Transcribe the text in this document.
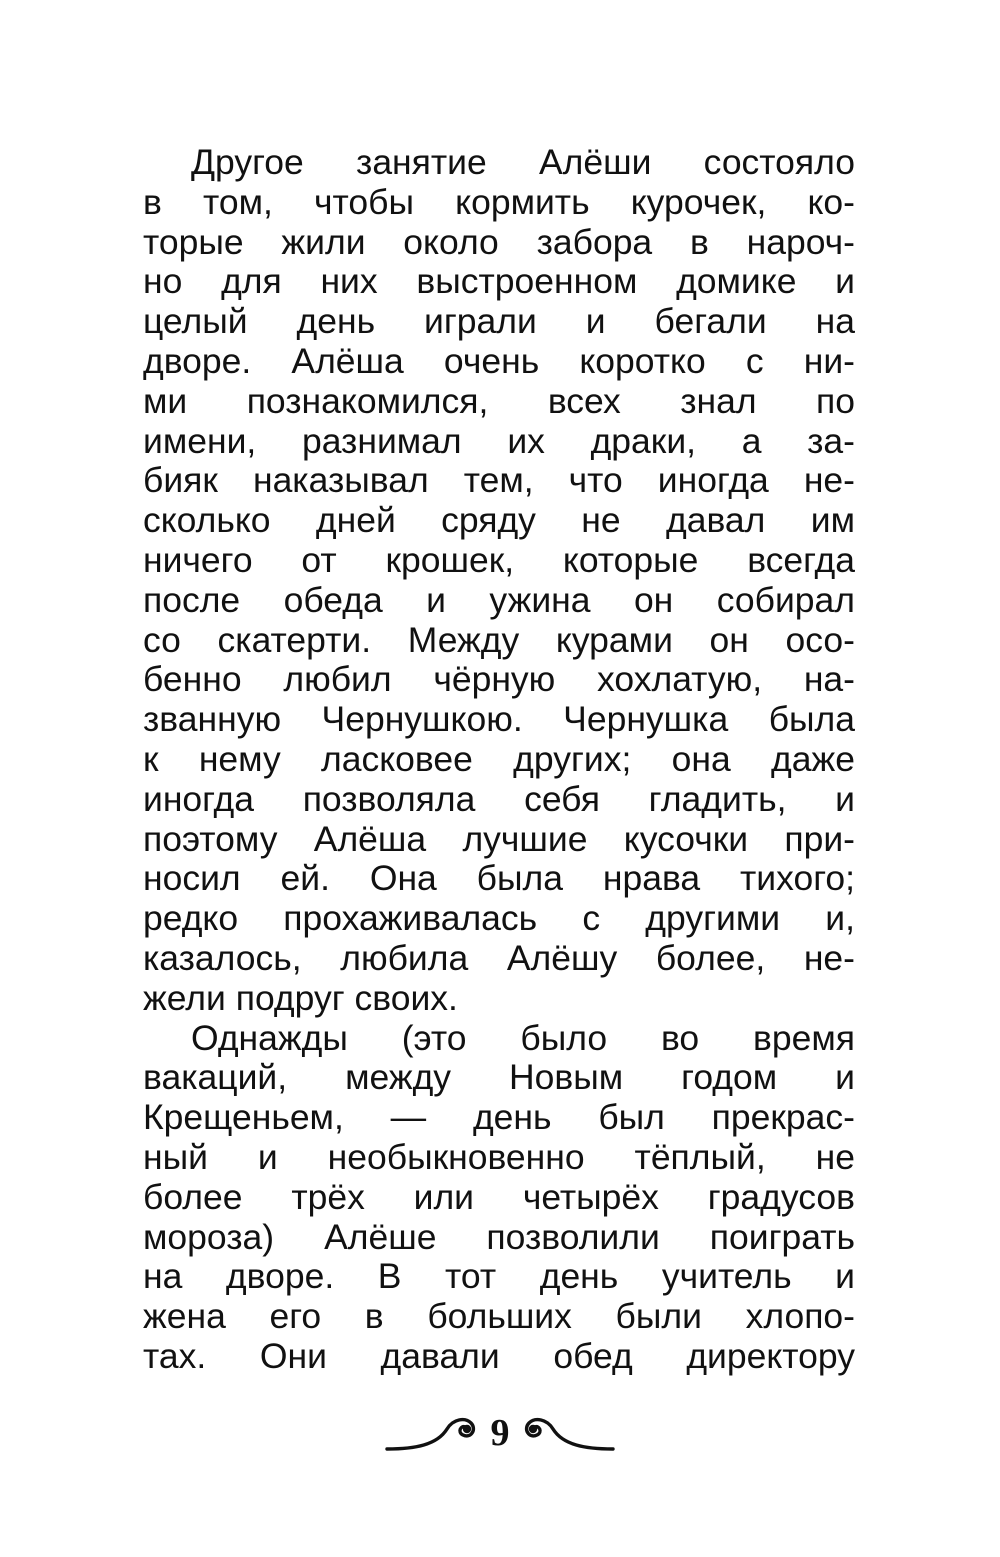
Другое занятие Алёши состояло
в том, чтобы кормить курочек, ко-
торые жили около забора в нароч-
но для них выстроенном домике и
целый день играли и бегали на
дворе. Алёша очень коротко с ни-
ми познакомился, всех знал по
имени, разнимал их драки, а за-
бияк наказывал тем, что иногда не-
сколько дней сряду не давал им
ничего от крошек, которые всегда
после обеда и ужина он собирал
со скатерти. Между курами он осо-
бенно любил чёрную хохлатую, на-
званную Чернушкою. Чернушка была
к нему ласковее других; она даже
иногда позволяла себя гладить, и
поэтому Алёша лучшие кусочки при-
носил ей. Она была нрава тихого;
редко прохаживалась с другими и,
казалось, любила Алёшу более, не-
жели подруг своих.
Однажды (это было во время
вакаций, между Новым годом и
Крещеньем, — день был прекрас-
ный и необыкновенно тёплый, не
более трёх или четырёх градусов
мороза) Алёше позволили поиграть
на дворе. В тот день учитель и
жена его в больших были хлопо-
тах. Они давали обед директору
9
